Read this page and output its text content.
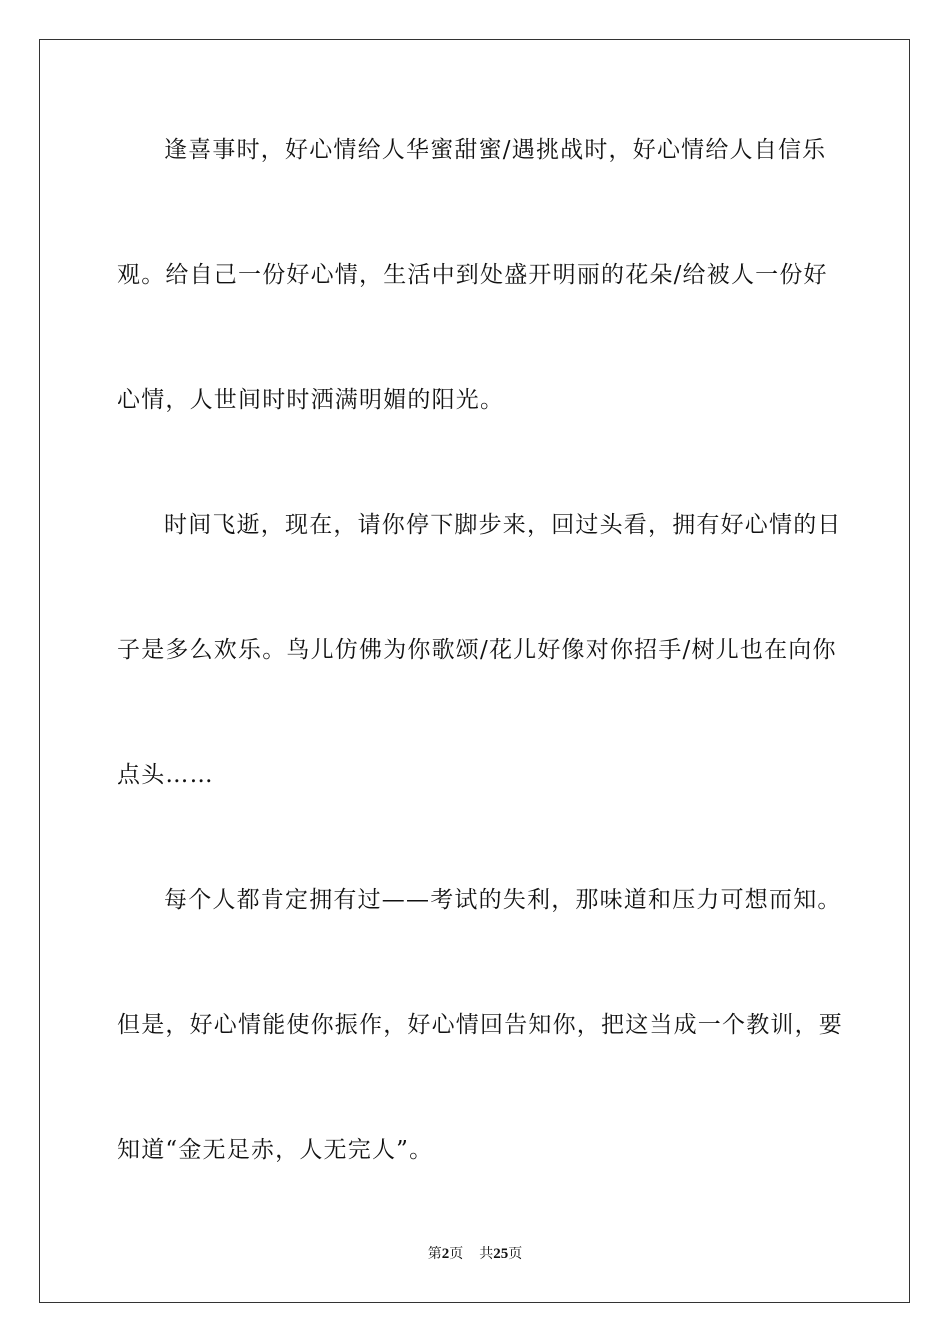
逢喜事时，好心情给人华蜜甜蜜/遇挑战时，好心情给人自信乐
观。给自己一份好心情，生活中到处盛开明丽的花朵/给被人一份好
心情，人世间时时洒满明媚的阳光。
时间飞逝，现在，请你停下脚步来，回过头看，拥有好心情的日
子是多么欢乐。鸟儿仿佛为你歌颂/花儿好像对你招手/树儿也在向你
点头……
每个人都肯定拥有过——考试的失利，那味道和压力可想而知。
但是，好心情能使你振作，好心情回告知你，把这当成一个教训，要
知道“金无足赤，人无完人”。
第2页 共25页
